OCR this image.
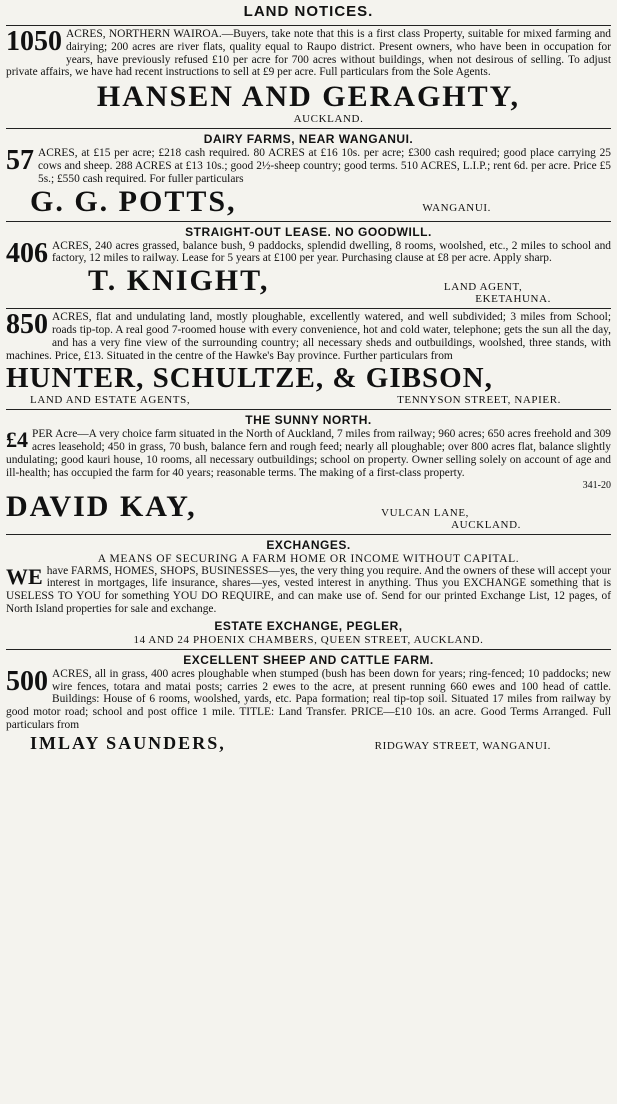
LAND NOTICES.
1050 ACRES, NORTHERN WAIROA.—Buyers, take note that this is a first class Property, suitable for mixed farming and dairying; 200 acres are river flats, quality equal to Raupo district. Present owners, who have been in occupation for years, have previously refused £10 per acre for 700 acres without buildings, when not desirous of selling. To adjust private affairs, we have had recent instructions to sell at £9 per acre. Full particulars from the Sole Agents.
HANSEN AND GERAGHTY,
AUCKLAND.
DAIRY FARMS, NEAR WANGANUI.
57 ACRES, at £15 per acre; £218 cash required. 80 ACRES at £16 10s. per acre; £300 cash required; good place carrying 25 cows and sheep. 288 ACRES at £13 10s.; good 2½-sheep country; good terms. 510 ACRES, L.I.P.; rent 6d. per acre. Price £5 5s.; £550 cash required. For fuller particulars
G. G. POTTS,	WANGANUI.
STRAIGHT-OUT LEASE. NO GOODWILL.
406 ACRES, 240 acres grassed, balance bush, 9 paddocks, splendid dwelling, 8 rooms, woolshed, etc., 2 miles to school and factory, 12 miles to railway. Lease for 5 years at £100 per year. Purchasing clause at £8 per acre. Apply sharp.
T. KNIGHT,	LAND AGENT,
EKETAHUNA.
850 ACRES, flat and undulating land, mostly ploughable, excellently watered, and well subdivided; 3 miles from School; roads tip-top. A real good 7-roomed house with every convenience, hot and cold water, telephone; gets the sun all the day, and has a very fine view of the surrounding country; all necessary sheds and outbuildings, woolshed, three stands, with machines. Price, £13. Situated in the centre of the Hawke's Bay province. Further particulars from
HUNTER, SCHULTZE, & GIBSON,
LAND AND ESTATE AGENTS,	TENNYSON STREET, NAPIER.
THE SUNNY NORTH.
£4 PER Acre—A very choice farm situated in the North of Auckland, 7 miles from railway; 960 acres; 650 acres freehold and 309 acres leasehold; 450 in grass, 70 bush, balance fern and rough feed; nearly all ploughable; over 800 acres flat, balance slightly undulating; good kauri house, 10 rooms, all necessary outbuildings; school on property. Owner selling solely on account of age and ill-health; has occupied the farm for 40 years; reasonable terms. The making of a first-class property.
341-20
DAVID KAY,	VULCAN LANE,
AUCKLAND.
EXCHANGES.
A MEANS OF SECURING A FARM HOME OR INCOME WITHOUT CAPITAL.
WE have FARMS, HOMES, SHOPS, BUSINESSES—yes, the very thing you require. And the owners of these will accept your interest in mortgages, life insurance, shares—yes, vested interest in anything. Thus you EXCHANGE something that is USELESS TO YOU for something YOU DO REQUIRE, and can make use of. Send for our printed Exchange List, 12 pages, of North Island properties for sale and exchange.
ESTATE EXCHANGE, PEGLER,
14 AND 24 PHOENIX CHAMBERS, QUEEN STREET, AUCKLAND.
EXCELLENT SHEEP AND CATTLE FARM.
500 ACRES, all in grass, 400 acres ploughable when stumped (bush has been down for years; ring-fenced; 10 paddocks; new wire fences, totara and matai posts; carries 2 ewes to the acre, at present running 660 ewes and 100 head of cattle. Buildings: House of 6 rooms, woolshed, yards, etc. Papa formation; real tip-top soil. Situated 17 miles from railway by good motor road; school and post office 1 mile. TITLE: Land Transfer. PRICE—£10 10s. an acre. Good Terms Arranged. Full particulars from
IMLAY SAUNDERS,	RIDGWAY STREET, WANGANUI.
